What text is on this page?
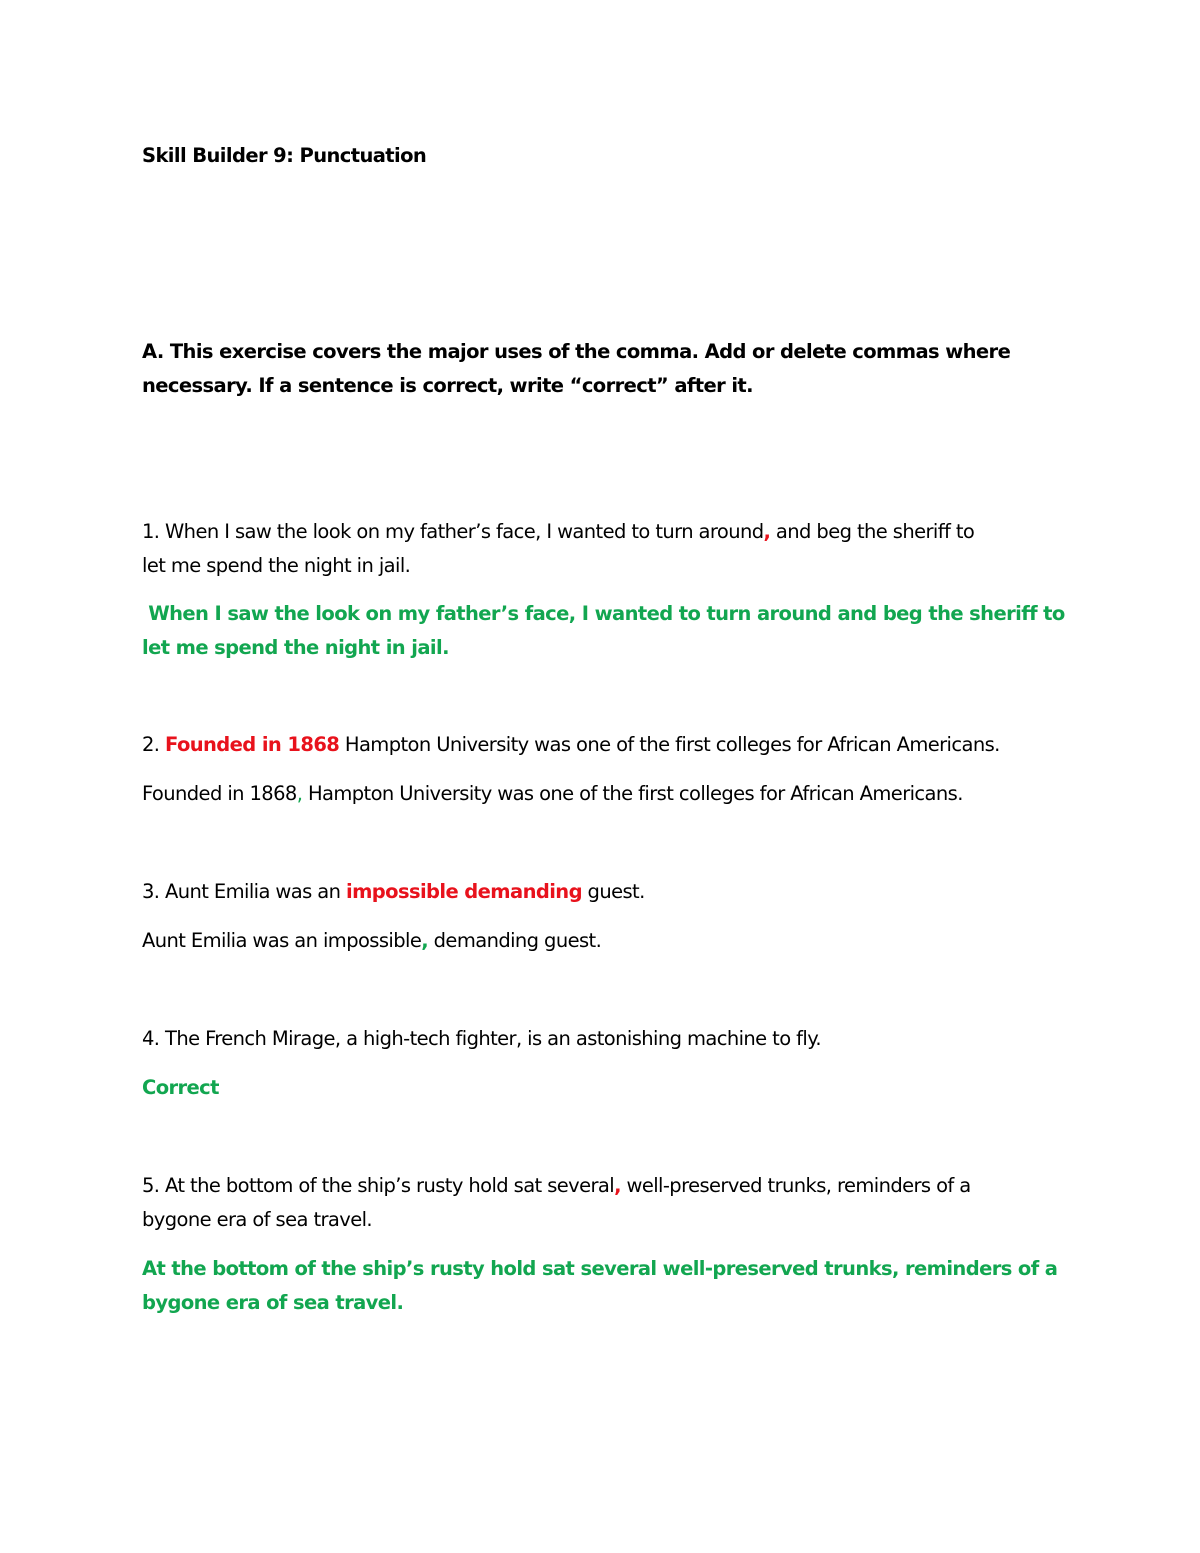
Skill Builder 9: Punctuation
A. This exercise covers the major uses of the comma. Add or delete commas where
necessary. If a sentence is correct, write “correct” after it.
1. When I saw the look on my father’s face, I wanted to turn around, and beg the sheriff to
let me spend the night in jail.
When I saw the look on my father’s face, I wanted to turn around and beg the sheriff to
let me spend the night in jail.
2. Founded in 1868 Hampton University was one of the first colleges for African Americans.
Founded in 1868, Hampton University was one of the first colleges for African Americans.
3. Aunt Emilia was an impossible demanding guest.
Aunt Emilia was an impossible, demanding guest.
4. The French Mirage, a high-tech fighter, is an astonishing machine to fly.
Correct
5. At the bottom of the ship’s rusty hold sat several, well-preserved trunks, reminders of a
bygone era of sea travel.
At the bottom of the ship’s rusty hold sat several well-preserved trunks, reminders of a
bygone era of sea travel.
